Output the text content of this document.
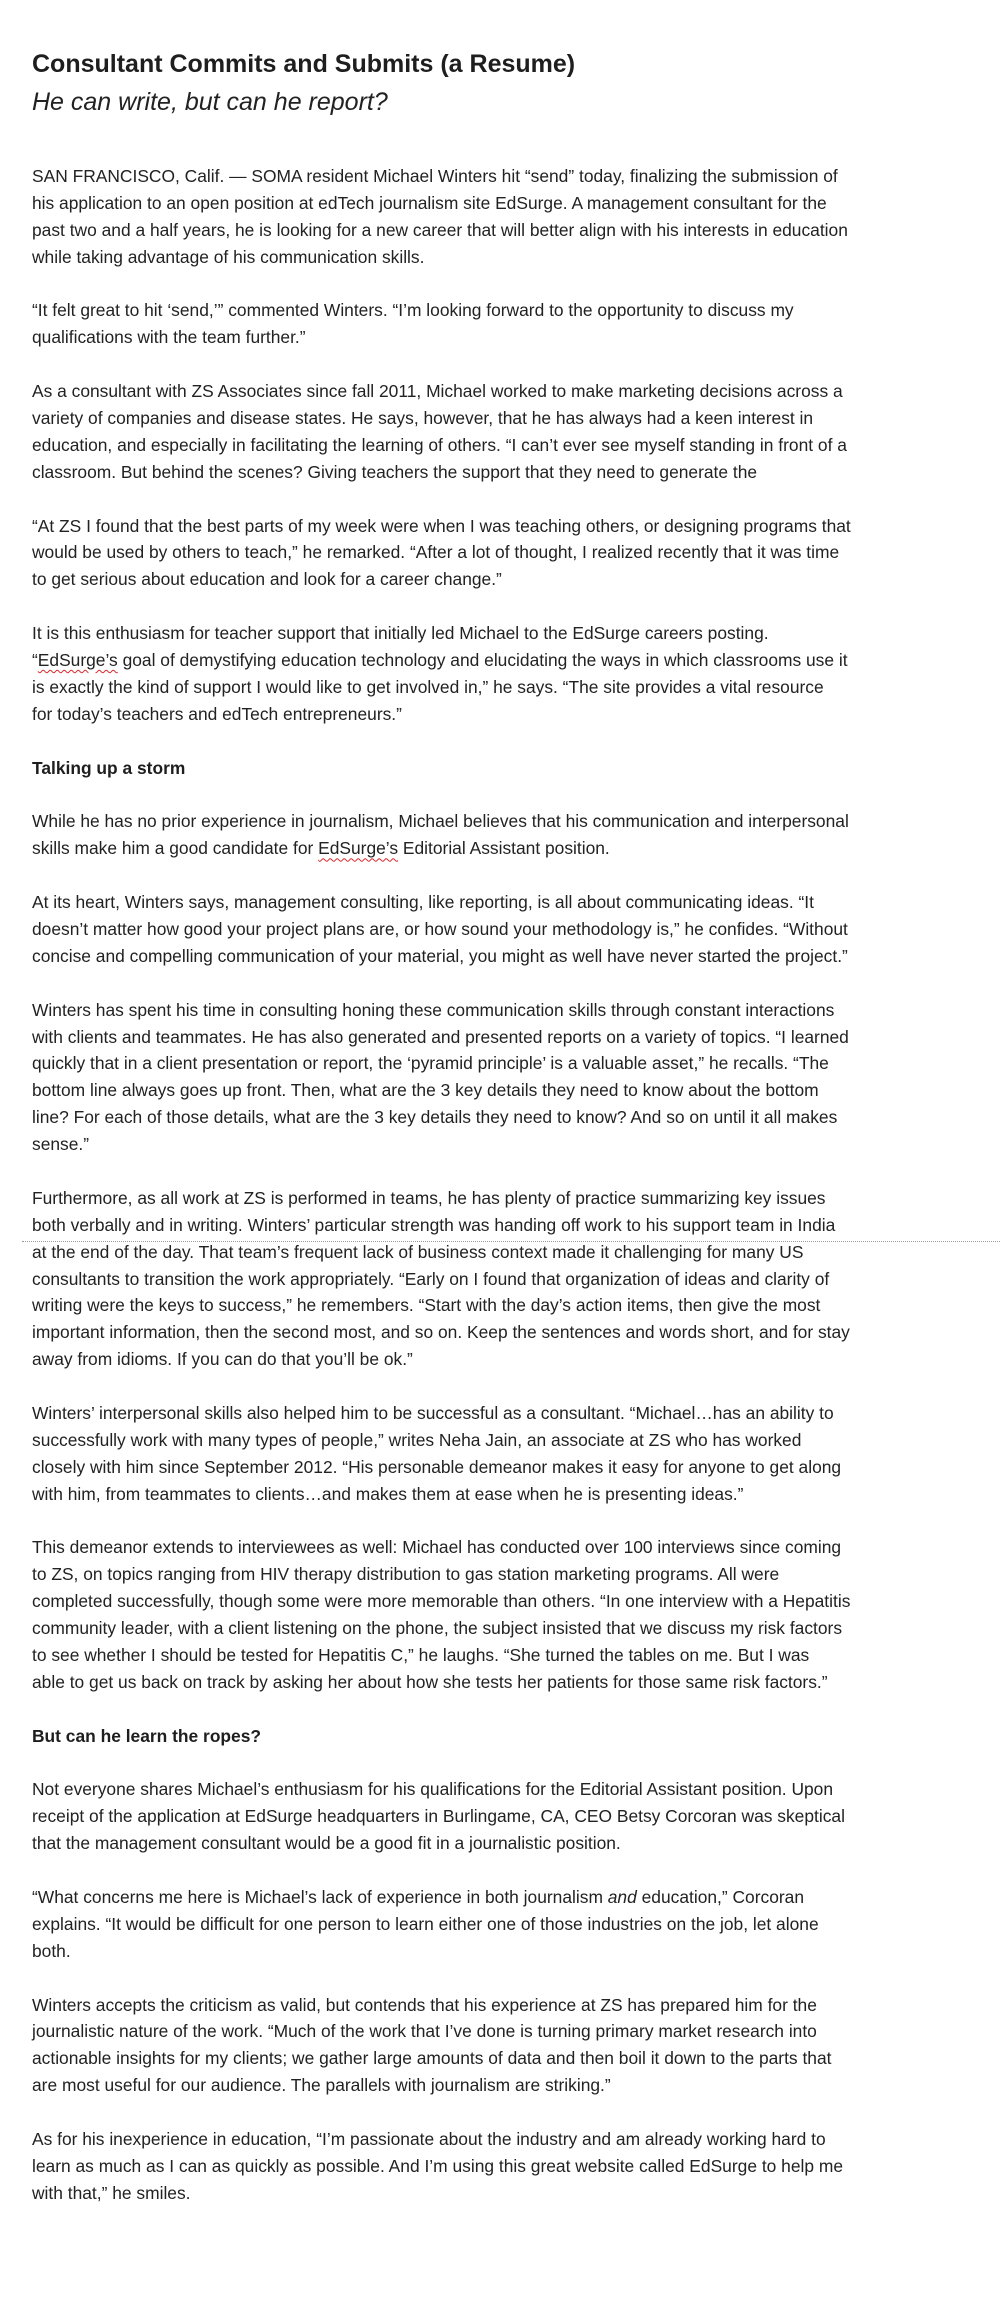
Consultant Commits and Submits (a Resume)
He can write, but can he report?

SAN FRANCISCO, Calif. — SOMA resident Michael Winters hit “send” today, finalizing the submission of
his application to an open position at edTech journalism site EdSurge. A management consultant for the
past two and a half years, he is looking for a new career that will better align with his interests in education
while taking advantage of his communication skills.

“It felt great to hit ‘send,’” commented Winters. “I’m looking forward to the opportunity to discuss my
qualifications with the team further.”

As a consultant with ZS Associates since fall 2011, Michael worked to make marketing decisions across a
variety of companies and disease states. He says, however, that he has always had a keen interest in
education, and especially in facilitating the learning of others. “I can’t ever see myself standing in front of a
classroom. But behind the scenes? Giving teachers the support that they need to generate the

“At ZS I found that the best parts of my week were when I was teaching others, or designing programs that
would be used by others to teach,” he remarked. “After a lot of thought, I realized recently that it was time
to get serious about education and look for a career change.”

It is this enthusiasm for teacher support that initially led Michael to the EdSurge careers posting.
“EdSurge’s goal of demystifying education technology and elucidating the ways in which classrooms use it
is exactly the kind of support I would like to get involved in,” he says. “The site provides a vital resource
for today’s teachers and edTech entrepreneurs.”

Talking up a storm

While he has no prior experience in journalism, Michael believes that his communication and interpersonal
skills make him a good candidate for EdSurge’s Editorial Assistant position.

At its heart, Winters says, management consulting, like reporting, is all about communicating ideas. “It
doesn’t matter how good your project plans are, or how sound your methodology is,” he confides. “Without
concise and compelling communication of your material, you might as well have never started the project.”

Winters has spent his time in consulting honing these communication skills through constant interactions
with clients and teammates. He has also generated and presented reports on a variety of topics. “I learned
quickly that in a client presentation or report, the ‘pyramid principle’ is a valuable asset,” he recalls. “The
bottom line always goes up front. Then, what are the 3 key details they need to know about the bottom
line? For each of those details, what are the 3 key details they need to know? And so on until it all makes
sense.”

Furthermore, as all work at ZS is performed in teams, he has plenty of practice summarizing key issues
both verbally and in writing. Winters’ particular strength was handing off work to his support team in India
at the end of the day. That team’s frequent lack of business context made it challenging for many US
consultants to transition the work appropriately. “Early on I found that organization of ideas and clarity of
writing were the keys to success,” he remembers. “Start with the day’s action items, then give the most
important information, then the second most, and so on. Keep the sentences and words short, and for stay
away from idioms. If you can do that you’ll be ok.”

Winters’ interpersonal skills also helped him to be successful as a consultant. “Michael…has an ability to
successfully work with many types of people,” writes Neha Jain, an associate at ZS who has worked
closely with him since September 2012. “His personable demeanor makes it easy for anyone to get along
with him, from teammates to clients…and makes them at ease when he is presenting ideas.”

This demeanor extends to interviewees as well: Michael has conducted over 100 interviews since coming
to ZS, on topics ranging from HIV therapy distribution to gas station marketing programs. All were
completed successfully, though some were more memorable than others. “In one interview with a Hepatitis
community leader, with a client listening on the phone, the subject insisted that we discuss my risk factors
to see whether I should be tested for Hepatitis C,” he laughs. “She turned the tables on me. But I was
able to get us back on track by asking her about how she tests her patients for those same risk factors.”

But can he learn the ropes?

Not everyone shares Michael’s enthusiasm for his qualifications for the Editorial Assistant position. Upon
receipt of the application at EdSurge headquarters in Burlingame, CA, CEO Betsy Corcoran was skeptical
that the management consultant would be a good fit in a journalistic position.

“What concerns me here is Michael’s lack of experience in both journalism and education,” Corcoran
explains. “It would be difficult for one person to learn either one of those industries on the job, let alone
both.

Winters accepts the criticism as valid, but contends that his experience at ZS has prepared him for the
journalistic nature of the work. “Much of the work that I’ve done is turning primary market research into
actionable insights for my clients; we gather large amounts of data and then boil it down to the parts that
are most useful for our audience. The parallels with journalism are striking.”

As for his inexperience in education, “I’m passionate about the industry and am already working hard to
learn as much as I can as quickly as possible. And I’m using this great website called EdSurge to help me
with that,” he smiles.
